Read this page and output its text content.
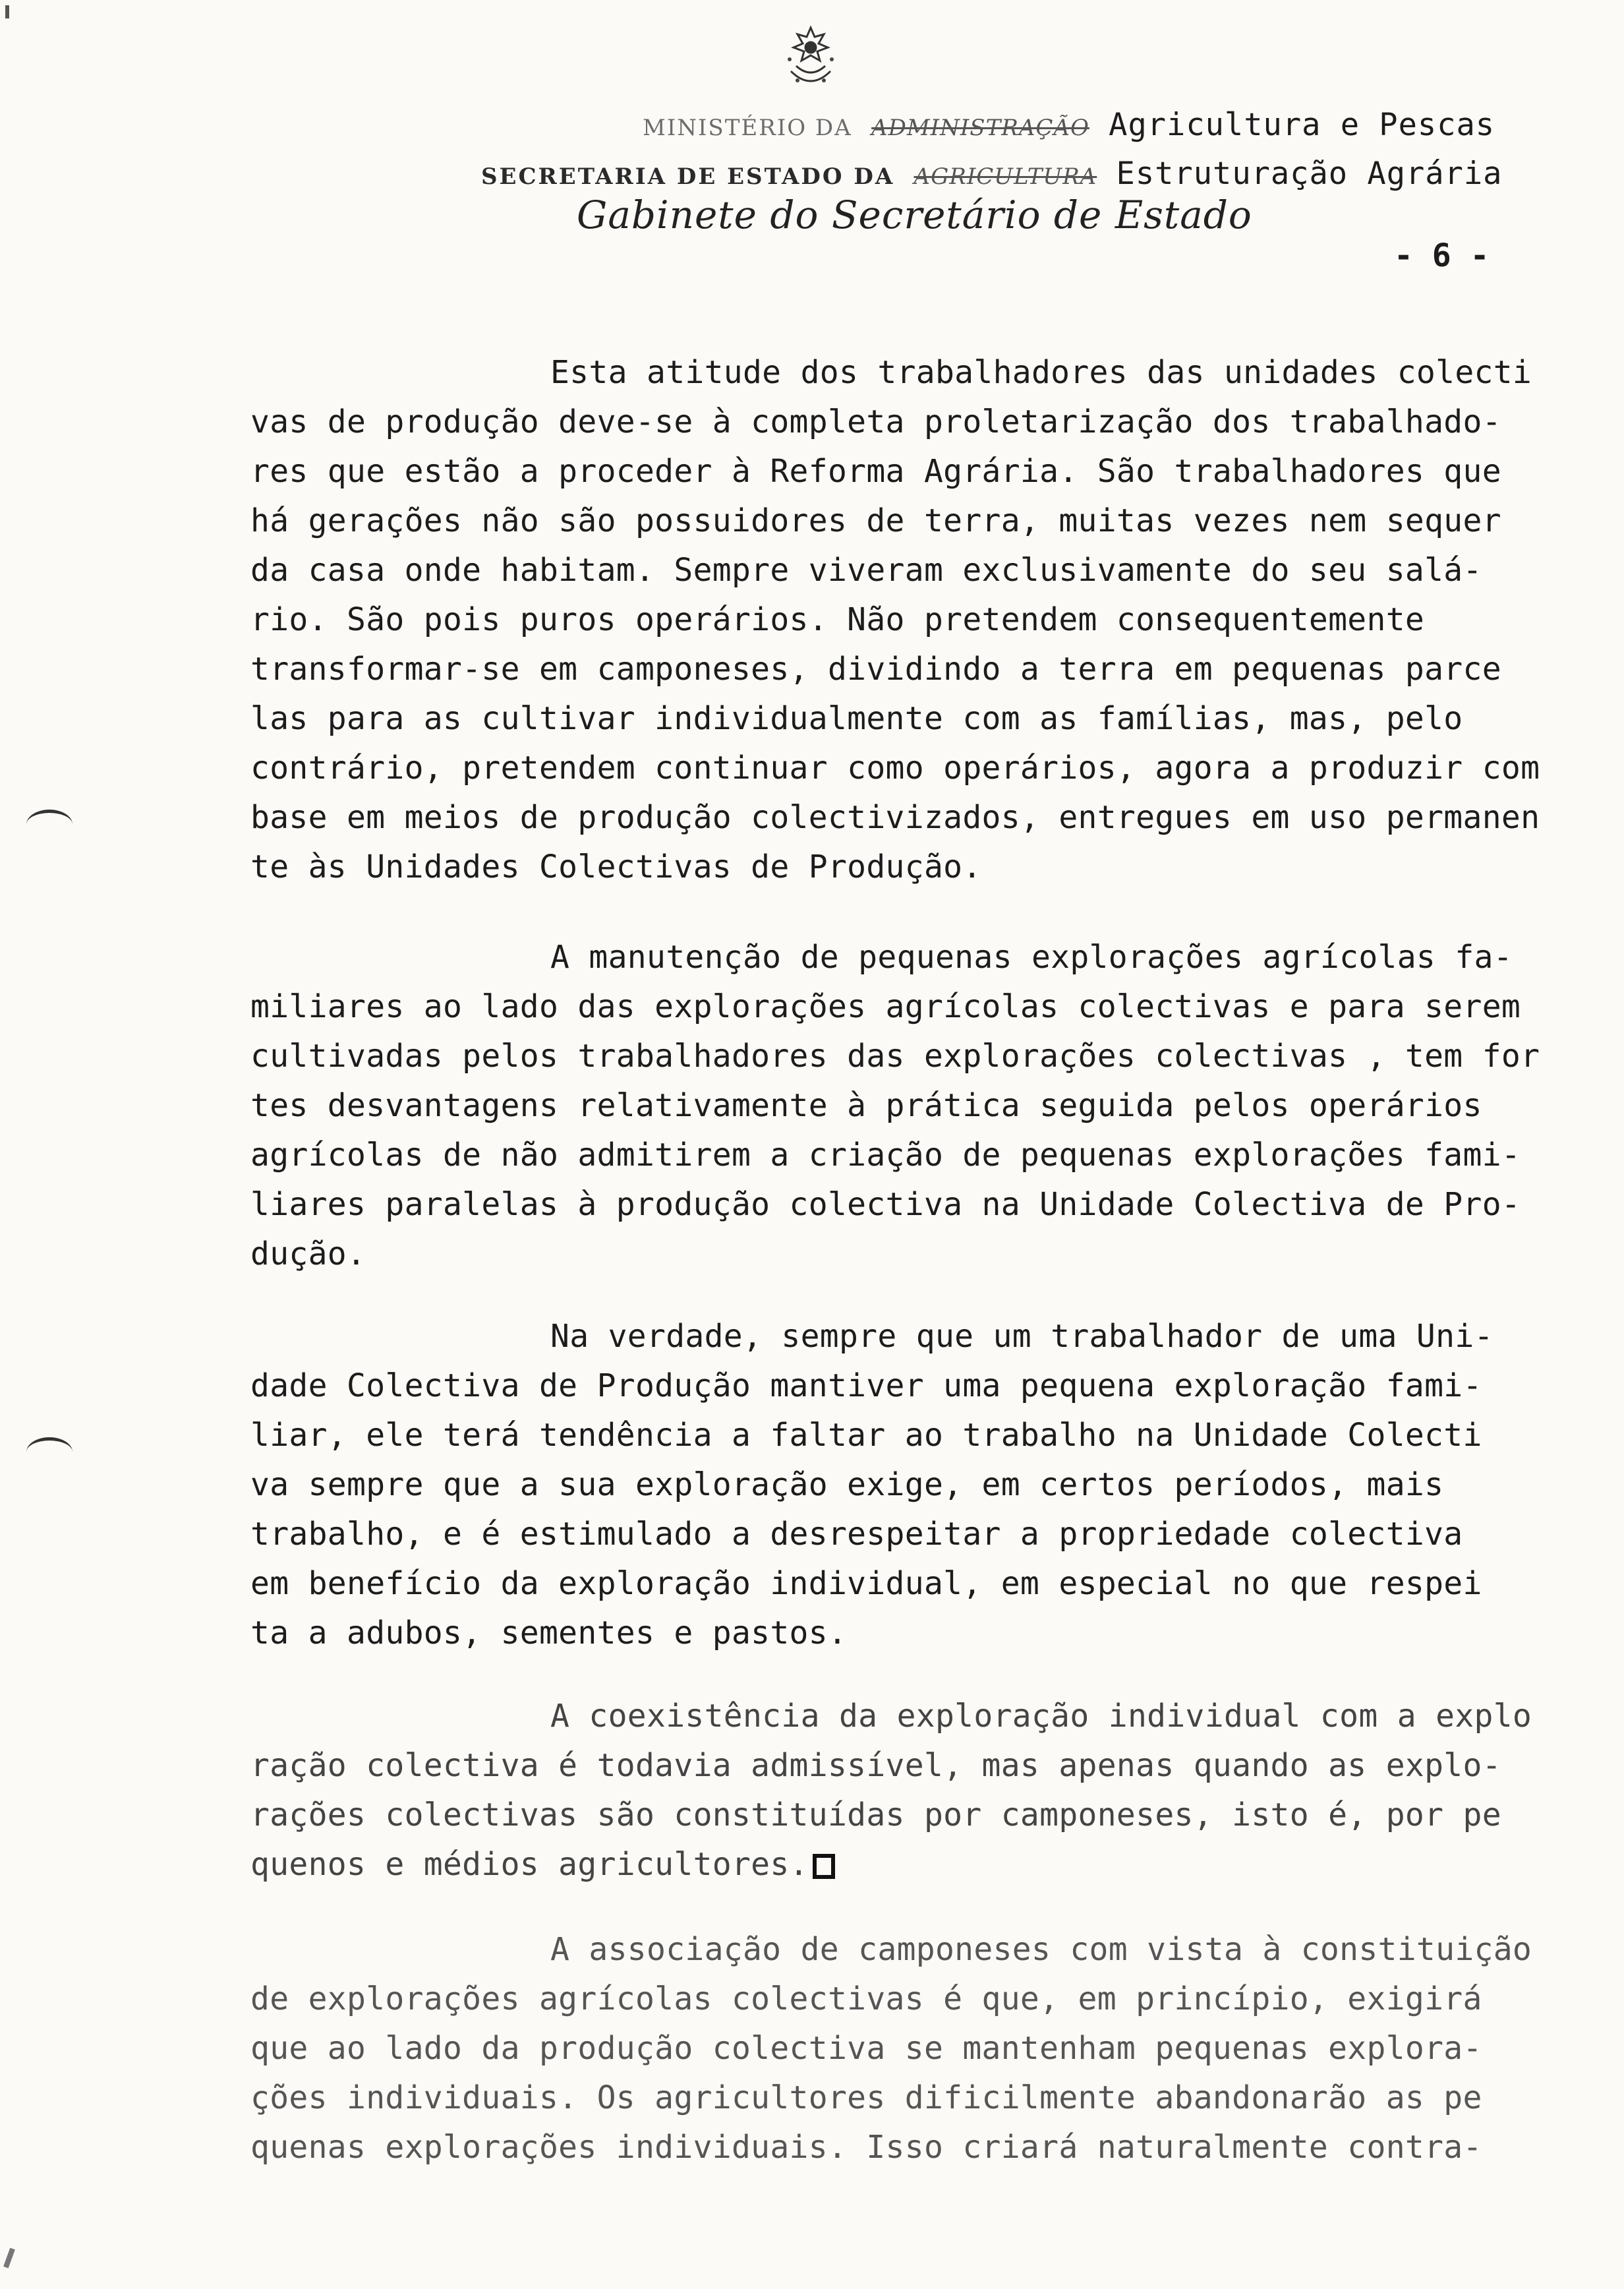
MINISTÉRIO DA ADMINISTRAÇÃO Agricultura e Pescas
SECRETARIA DE ESTADO DA AGRICULTURA Estruturação Agrária
Gabinete do Secretário de Estado
- 6 -
Esta atitude dos trabalhadores das unidades colecti
vas de produção deve-se à completa proletarização dos trabalhado-
res que estão a proceder à Reforma Agrária. São trabalhadores que
há gerações não são possuidores de terra, muitas vezes nem sequer
da casa onde habitam. Sempre viveram exclusivamente do seu salá-
rio. São pois puros operários. Não pretendem consequentemente
transformar-se em camponeses, dividindo a terra em pequenas parce
las para as cultivar individualmente com as famílias, mas, pelo
contrário, pretendem continuar como operários, agora a produzir com
base em meios de produção colectivizados, entregues em uso permanen
te às Unidades Colectivas de Produção.
A manutenção de pequenas explorações agrícolas fa-
miliares ao lado das explorações agrícolas colectivas e para serem
cultivadas pelos trabalhadores das explorações colectivas , tem for
tes desvantagens relativamente à prática seguida pelos operários
agrícolas de não admitirem a criação de pequenas explorações fami-
liares paralelas à produção colectiva na Unidade Colectiva de Pro-
dução.
Na verdade, sempre que um trabalhador de uma Uni-
dade Colectiva de Produção mantiver uma pequena exploração fami-
liar, ele terá tendência a faltar ao trabalho na Unidade Colecti
va sempre que a sua exploração exige, em certos períodos, mais
trabalho, e é estimulado a desrespeitar a propriedade colectiva
em benefício da exploração individual, em especial no que respei
ta a adubos, sementes e pastos.
A coexistência da exploração individual com a explo
ração colectiva é todavia admissível, mas apenas quando as explo-
rações colectivas são constituídas por camponeses, isto é, por pe
quenos e médios agricultores.
A associação de camponeses com vista à constituição
de explorações agrícolas colectivas é que, em princípio, exigirá
que ao lado da produção colectiva se mantenham pequenas explora-
ções individuais. Os agricultores dificilmente abandonarão as pe
quenas explorações individuais. Isso criará naturalmente contra-
